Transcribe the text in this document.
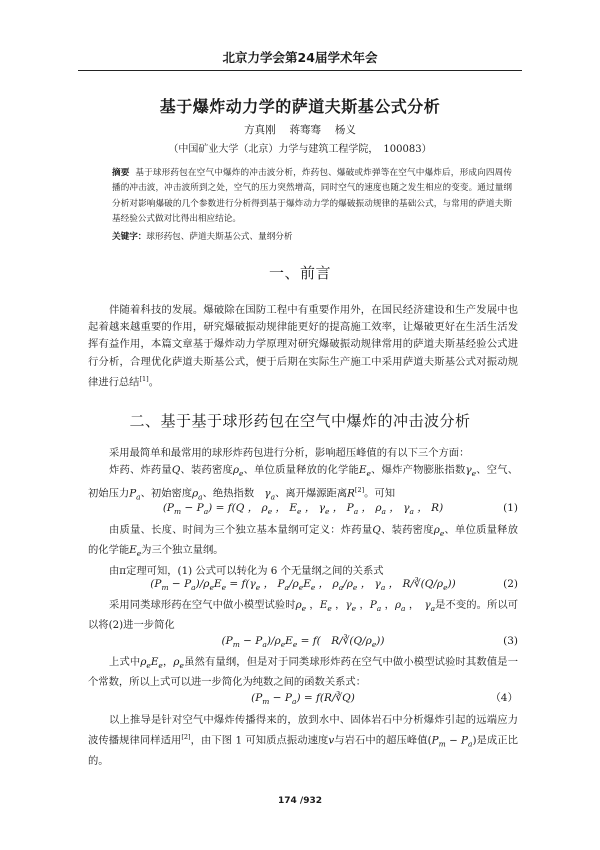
北京力学会第24届学术年会
基于爆炸动力学的萨道夫斯基公式分析
方真刚　 蒋骞骞　 杨义
（中国矿业大学（北京）力学与建筑工程学院，　100083）
摘要 基于球形药包在空气中爆炸的冲击波分析，炸药包、爆破或炸弹等在空气中爆炸后，形成向四周传播的冲击波，冲击波所到之处，空气的压力突然增高，同时空气的速度也随之发生相应的变变。通过量纲分析对影响爆破的几个参数进行分析得到基于爆炸动力学的爆破振动规律的基础公式，与常用的萨道夫斯基经验公式做对比得出相应结论。
关键字：球形药包、萨道夫斯基公式、量纲分析
一、前言

伴随着科技的发展。爆破除在国防工程中有重要作用外，在国民经济建设和生产发展中也起着越来越重要的作用，研究爆破振动规律能更好的提高施工效率，让爆破更好在生活生活发挥有益作用，本篇文章基于爆炸动力学原理对研究爆破振动规律常用的萨道夫斯基经验公式进行分析，合理优化萨道夫斯基公式，便于后期在实际生产施工中采用萨道夫斯基公式对振动规律进行总结[1]。

二、基于基于球形药包在空气中爆炸的冲击波分析

采用最简单和最常用的球形炸药包进行分析，影响超压峰值的有以下三个方面：

炸药、炸药量Q、装药密度$\rho_e$、单位质量释放的化学能$E_e$、爆炸产物膨胀指数$\gamma_e$、空气、初始压力$P_a$、初始密度$\rho_a$、绝热指数　$\gamma_a$、离开爆源距离R[2]。可知

$(P_m - P_a) = f(Q$ ， $\rho_e$ ， $E_e$ ， $\gamma_e$ ， $P_a$ ， $\rho_a$ ， $\gamma_a$ ， R)	(1)

由质量、长度、时间为三个独立基本量纲可定义：炸药量Q、装药密度$\rho_e$、单位质量释放的化学能$E_e$为三个独立量纲。

由π定理可知，(1) 公式可以转化为 6 个无量纲之间的关系式

$(P_m - P_a)/\rho_eE_e = f(\gamma_e$ ， $P_a/\rho_eE_e$ ， $\rho_a/\rho_e$ ， $\gamma_a$ ， $R/∛(Q/\rho_e)$)	(2)

采用同类球形药在空气中做小模型试验时$\rho_e$ ，$E_e$ ，$\gamma_e$ ，$P_a$ ，$\rho_a$ ，　$\gamma_a$是不变的。所以可以将(2)进一步简化

$(P_m - P_a)/\rho_eE_e = f$(　$R/∛(Q/\rho_e)$)	(3)

上式中$\rho_eE_e$，$\rho_e$虽然有量纲，但是对于同类球形炸药在空气中做小模型试验时其数值是一个常数，所以上式可以进一步简化为纯数之间的函数关系式：

$(P_m - P_a)$ = f(R/∛Q)	（4）

以上推导是针对空气中爆炸传播得来的，放到水中、固体岩石中分析爆炸引起的远端应力波传播规律同样适用[2]，由下图 1 可知质点振动速度v与岩石中的超压峰值$(P_m - P_a)$是成正比的。

174 /932
